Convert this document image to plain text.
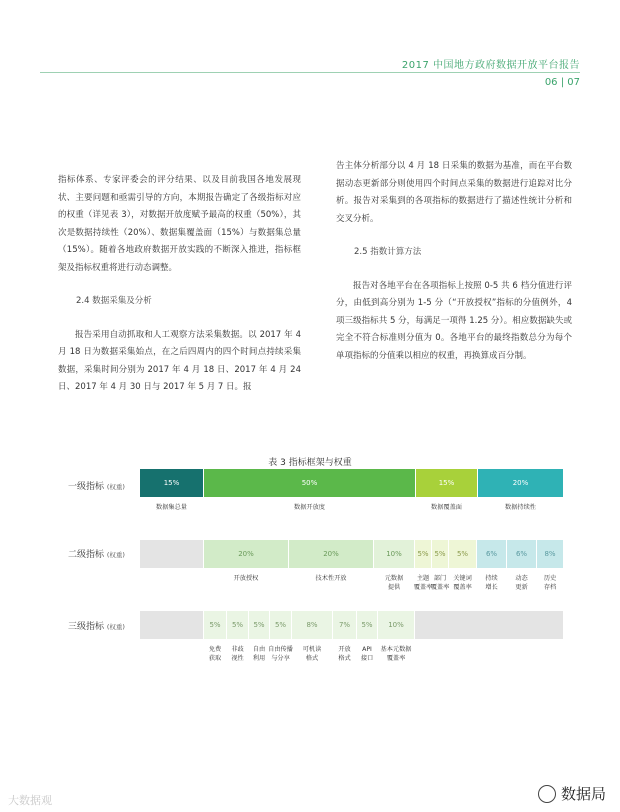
2017 中国地方政府数据开放平台报告
06 | 07

指标体系、专家评委会的评分结果、以及目前我国各地发展现状、主要问题和亟需引导的方向，本期报告确定了各级指标对应的权重（详见表 3），对数据开放度赋予最高的权重（50%），其次是数据持续性（20%）、数据集覆盖面（15%）与数据集总量（15%）。随着各地政府数据开放实践的不断深入推进，指标框架及指标权重将进行动态调整。

2.4 数据采集及分析

报告采用自动抓取和人工观察方法采集数据。以 2017 年 4 月 18 日为数据采集始点，在之后四周内的四个时间点持续采集数据，采集时间分别为 2017 年 4 月 18 日、2017 年 4 月 24 日、2017 年 4 月 30 日与 2017 年 5 月 7 日。报

告主体分析部分以 4 月 18 日采集的数据为基准，而在平台数据动态更新部分则使用四个时间点采集的数据进行追踪对比分析。报告对采集到的各项指标的数据进行了描述性统计分析和交叉分析。

2.5 指数计算方法

报告对各地平台在各项指标上按照 0-5 共 6 档分值进行评分，由低到高分别为 1-5 分（“开放授权”指标的分值例外，4 项三级指标共 5 分，每满足一项得 1.25 分）。相应数据缺失或完全不符合标准则分值为 0。各地平台的最终指数总分为每个单项指标的分值乘以相应的权重，再换算成百分制。

表 3 指标框架与权重
一级指标 (权重)
二级指标 (权重)
三级指标 (权重)
15%
数据集总量
50%
数据开放度
15%
数据覆盖面
20%
数据持续性
20%
开放授权
20%
技术性开放
10%
元数据
提供
5%
主题
覆盖率
5%
部门
覆盖率
5%
关键词
覆盖率
6%
持续
增长
6%
动态
更新
8%
历史
存档
5%
免费
获取
5%
非歧
视性
5%
自由
利用
5%
自由传播
与分享
8%
可机读
格式
7%
开放
格式
5%
API
接口
10%
基本元数据
覆盖率
大数据观	数据局
